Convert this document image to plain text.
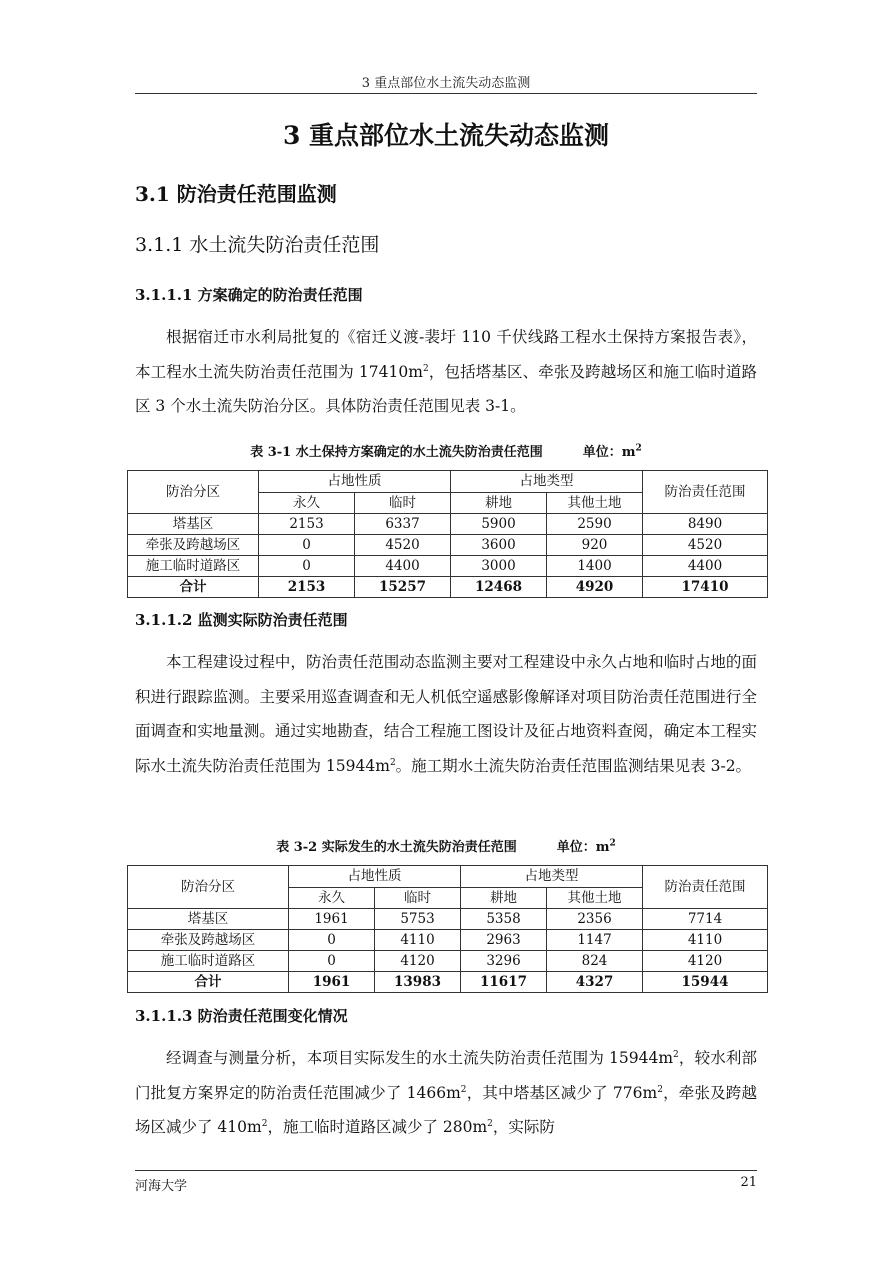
3 重点部位水土流失动态监测
3 重点部位水土流失动态监测
3.1 防治责任范围监测
3.1.1 水土流失防治责任范围
3.1.1.1 方案确定的防治责任范围
根据宿迁市水利局批复的《宿迁义渡-裴圩 110 千伏线路工程水土保持方案报告表》，本工程水土流失防治责任范围为 $17410m^2$，包括塔基区、牵张及跨越场区和施工临时道路区 3 个水土流失防治分区。具体防治责任范围见表 3-1。
表 3-1 水土保持方案确定的水土流失防治责任范围	单位：$m^2$
防治分区	占地性质		占地类型		防治责任范围
	永久	临时	耕地	其他土地	
塔基区	2153	6337	5900	2590	8490
牵张及跨越场区	0	4520	3600	920	4520
施工临时道路区	0	4400	3000	1400	4400
合计	2153	15257	12468	4920	17410
3.1.1.2 监测实际防治责任范围
本工程建设过程中，防治责任范围动态监测主要对工程建设中永久占地和临时占地的面积进行跟踪监测。主要采用巡查调查和无人机低空遥感影像解译对项目防治责任范围进行全面调查和实地量测。通过实地勘查，结合工程施工图设计及征占地资料查阅，确定本工程实际水土流失防治责任范围为 $15944m^2$。施工期水土流失防治责任范围监测结果见表 3-2。
表 3-2 实际发生的水土流失防治责任范围	单位：$m^2$
防治分区	占地性质		占地类型		防治责任范围
	永久	临时	耕地	其他土地	
塔基区	1961	5753	5358	2356	7714
牵张及跨越场区	0	4110	2963	1147	4110
施工临时道路区	0	4120	3296	824	4120
合计	1961	13983	11617	4327	15944
3.1.1.3 防治责任范围变化情况
经调查与测量分析，本项目实际发生的水土流失防治责任范围为 $15944m^2$，较水利部门批复方案界定的防治责任范围减少了 $1466m^2$，其中塔基区减少了 $776m^2$，牵张及跨越场区减少了 $410m^2$，施工临时道路区减少了 $280m^2$，实际防
河海大学	21
